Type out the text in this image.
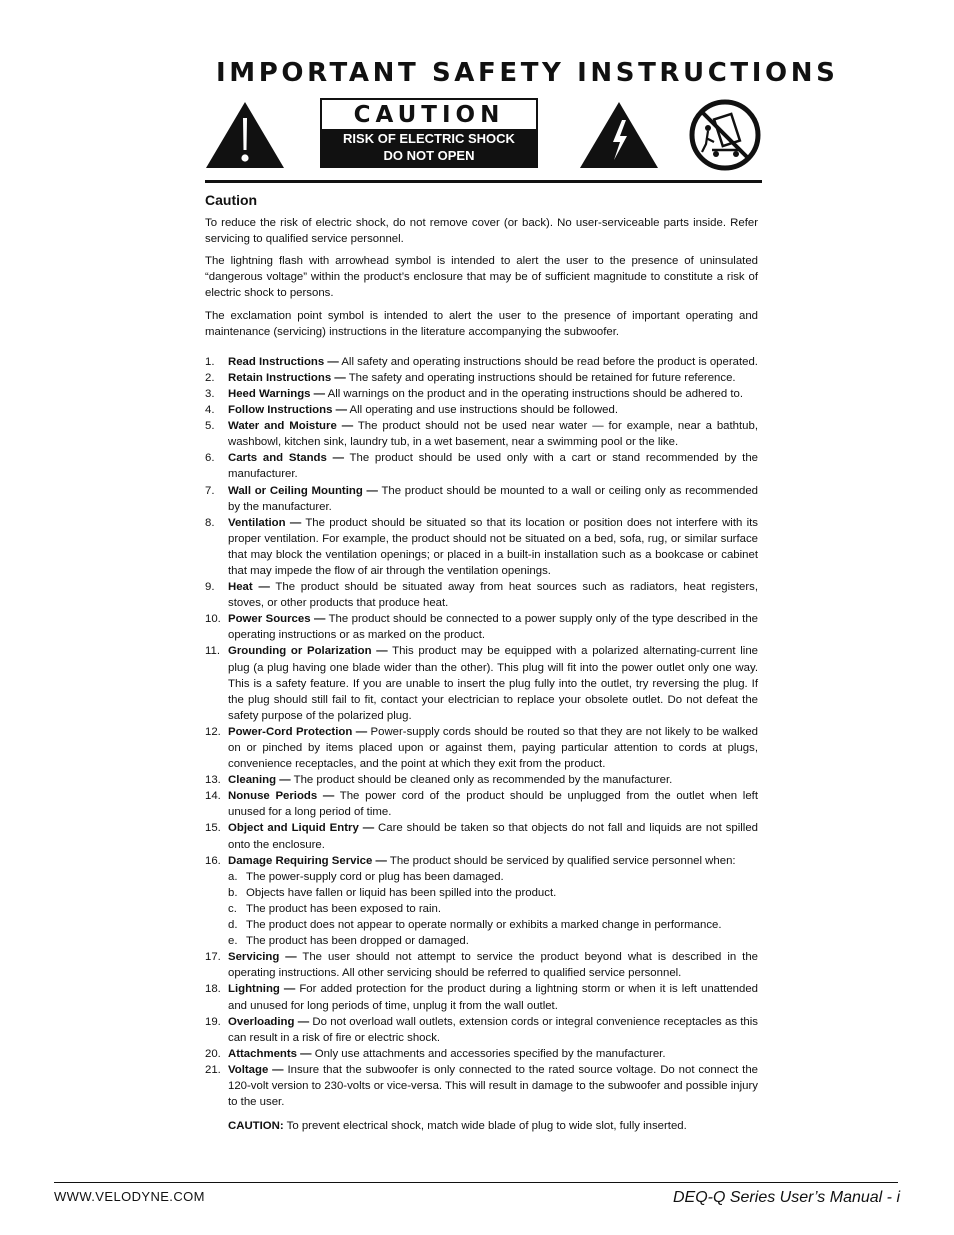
IMPORTANT SAFETY INSTRUCTIONS
CAUTION
RISK OF ELECTRIC SHOCK
DO NOT OPEN
Caution

To reduce the risk of electric shock, do not remove cover (or back). No user-serviceable parts inside. Refer servicing to qualified service personnel.

The lightning flash with arrowhead symbol is intended to alert the user to the presence of uninsulated “dangerous voltage” within the product’s enclosure that may be of sufficient magnitude to constitute a risk of electric shock to persons.

The exclamation point symbol is intended to alert the user to the presence of important operating and maintenance (servicing) instructions in the literature accompanying the subwoofer.

1. Read Instructions — All safety and operating instructions should be read before the product is operated.
2. Retain Instructions — The safety and operating instructions should be retained for future reference.
3. Heed Warnings — All warnings on the product and in the operating instructions should be adhered to.
4. Follow Instructions — All operating and use instructions should be followed.
5. Water and Moisture — The product should not be used near water — for example, near a bathtub, washbowl, kitchen sink, laundry tub, in a wet basement, near a swimming pool or the like.
6. Carts and Stands — The product should be used only with a cart or stand recommended by the manufacturer.
7. Wall or Ceiling Mounting — The product should be mounted to a wall or ceiling only as recommended by the manufacturer.
8. Ventilation — The product should be situated so that its location or position does not interfere with its proper ventilation. For example, the product should not be situated on a bed, sofa, rug, or similar surface that may block the ventilation openings; or placed in a built-in installation such as a bookcase or cabinet that may impede the flow of air through the ventilation openings.
9. Heat — The product should be situated away from heat sources such as radiators, heat registers, stoves, or other products that produce heat.
10. Power Sources — The product should be connected to a power supply only of the type described in the operating instructions or as marked on the product.
11. Grounding or Polarization — This product may be equipped with a polarized alternating-current line plug (a plug having one blade wider than the other). This plug will fit into the power outlet only one way. This is a safety feature. If you are unable to insert the plug fully into the outlet, try reversing the plug. If the plug should still fail to fit, contact your electrician to replace your obsolete outlet. Do not defeat the safety purpose of the polarized plug.
12. Power-Cord Protection — Power-supply cords should be routed so that they are not likely to be walked on or pinched by items placed upon or against them, paying particular attention to cords at plugs, convenience receptacles, and the point at which they exit from the product.
13. Cleaning — The product should be cleaned only as recommended by the manufacturer.
14. Nonuse Periods — The power cord of the product should be unplugged from the outlet when left unused for a long period of time.
15. Object and Liquid Entry — Care should be taken so that objects do not fall and liquids are not spilled onto the enclosure.
16. Damage Requiring Service — The product should be serviced by qualified service personnel when:
a. The power-supply cord or plug has been damaged.
b. Objects have fallen or liquid has been spilled into the product.
c. The product has been exposed to rain.
d. The product does not appear to operate normally or exhibits a marked change in performance.
e. The product has been dropped or damaged.
17. Servicing — The user should not attempt to service the product beyond what is described in the operating instructions. All other servicing should be referred to qualified service personnel.
18. Lightning — For added protection for the product during a lightning storm or when it is left unattended and unused for long periods of time, unplug it from the wall outlet.
19. Overloading — Do not overload wall outlets, extension cords or integral convenience receptacles as this can result in a risk of fire or electric shock.
20. Attachments — Only use attachments and accessories specified by the manufacturer.
21. Voltage — Insure that the subwoofer is only connected to the rated source voltage. Do not connect the 120-volt version to 230-volts or vice-versa. This will result in damage to the subwoofer and possible injury to the user.
CAUTION: To prevent electrical shock, match wide blade of plug to wide slot, fully inserted.
WWW.VELODYNE.COM	DEQ-Q Series User’s Manual - i
